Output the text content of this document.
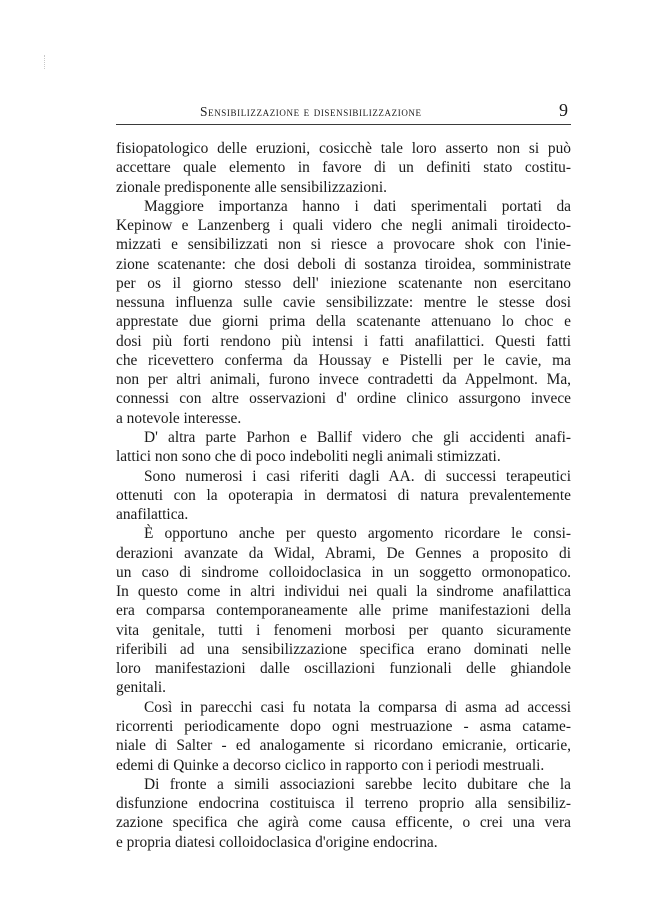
Sensibilizzazione e disensibilizzazione	9
fisiopatologico delle eruzioni, cosicchè tale loro asserto non si può
accettare quale elemento in favore di un definiti stato costitu-
zionale predisponente alle sensibilizzazioni.
Maggiore importanza hanno i dati sperimentali portati da
Kepinow e Lanzenberg i quali videro che negli animali tiroidecto-
mizzati e sensibilizzati non si riesce a provocare shok con l'inie-
zione scatenante: che dosi deboli di sostanza tiroidea, somministrate
per os il giorno stesso dell' iniezione scatenante non esercitano
nessuna influenza sulle cavie sensibilizzate: mentre le stesse dosi
apprestate due giorni prima della scatenante attenuano lo choc e
dosi più forti rendono più intensi i fatti anafilattici. Questi fatti
che ricevettero conferma da Houssay e Pistelli per le cavie, ma
non per altri animali, furono invece contradetti da Appelmont. Ma,
connessi con altre osservazioni d' ordine clinico assurgono invece
a notevole interesse.
D' altra parte Parhon e Ballif videro che gli accidenti anafi-
lattici non sono che di poco indeboliti negli animali stimizzati.
Sono numerosi i casi riferiti dagli AA. di successi terapeutici
ottenuti con la opoterapia in dermatosi di natura prevalentemente
anafilattica.
È opportuno anche per questo argomento ricordare le consi-
derazioni avanzate da Widal, Abrami, De Gennes a proposito di
un caso di sindrome colloidoclasica in un soggetto ormonopatico.
In questo come in altri individui nei quali la sindrome anafilattica
era comparsa contemporaneamente alle prime manifestazioni della
vita genitale, tutti i fenomeni morbosi per quanto sicuramente
riferibili ad una sensibilizzazione specifica erano dominati nelle
loro manifestazioni dalle oscillazioni funzionali delle ghiandole
genitali.
Così in parecchi casi fu notata la comparsa di asma ad accessi
ricorrenti periodicamente dopo ogni mestruazione - asma catame-
niale di Salter - ed analogamente si ricordano emicranie, orticarie,
edemi di Quinke a decorso ciclico in rapporto con i periodi mestruali.
Di fronte a simili associazioni sarebbe lecito dubitare che la
disfunzione endocrina costituisca il terreno proprio alla sensibiliz-
zazione specifica che agirà come causa efficente, o crei una vera
e propria diatesi colloidoclasica d'origine endocrina.
